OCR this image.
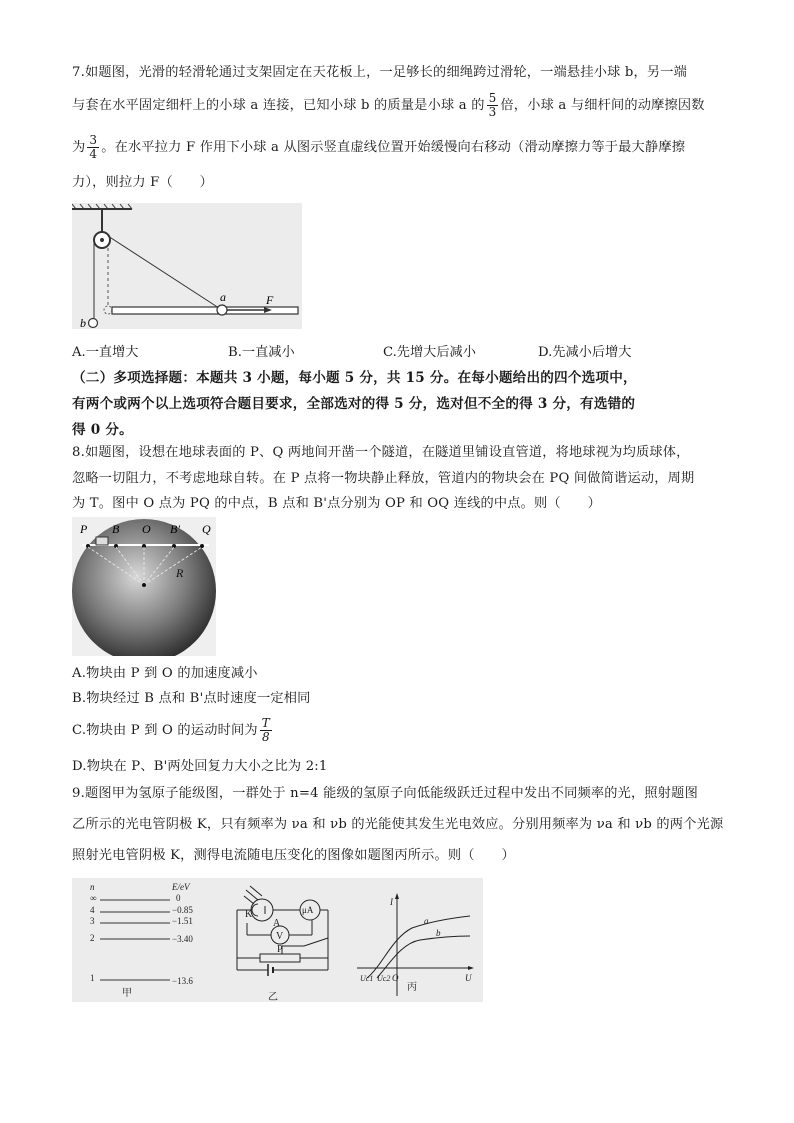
7.如题图，光滑的轻滑轮通过支架固定在天花板上，一足够长的细绳跨过滑轮，一端悬挂小球 b，另一端
与套在水平固定细杆上的小球 a 连接，已知小球 b 的质量是小球 a 的 $\frac{5}{3}$ 倍，小球 a 与细杆间的动摩擦因数
为 $\frac{3}{4}$ 。在水平拉力 F 作用下小球 a 从图示竖直虚线位置开始缓慢向右移动（滑动摩擦力等于最大静摩擦
力），则拉力 F（　　）
a
b
F
A.一直增大	B.一直减小	C.先增大后减小	D.先减小后增大
（二）多项选择题：本题共 3 小题，每小题 5 分，共 15 分。在每小题给出的四个选项中，
有两个或两个以上选项符合题目要求，全部选对的得 5 分，选对但不全的得 3 分，有选错的
得 0 分。
8.如题图，设想在地球表面的 P、Q 两地间开凿一个隧道，在隧道里铺设直管道，将地球视为均质球体，
忽略一切阻力，不考虑地球自转。在 P 点将一物块静止释放，管道内的物块会在 PQ 间做简谐运动，周期
为 T。图中 O 点为 PQ 的中点，B 点和 B'点分别为 OP 和 OQ 连线的中点。则（　　）
P B O B' Q
R
A.物块由 P 到 O 的加速度减小
B.物块经过 B 点和 B'点时速度一定相同
C.物块由 P 到 O 的运动时间为 $\frac{T}{8}$
D.物块在 P、B'两处回复力大小之比为 2:1
9.题图甲为氢原子能级图，一群处于 n=4 能级的氢原子向低能级跃迁过程中发出不同频率的光，照射题图
乙所示的光电管阴极 K，只有频率为 νa 和 νb 的光能使其发生光电效应。分别用频率为 νa 和 νb 的两个光源
照射光电管阴极 K，测得电流随电压变化的图像如题图丙所示。则（　　）
n	E/eV
∞	0
4	−0.85
3	−1.51
2	−3.40
1	−13.6
甲
K
A
V
μA
P
乙
I
U
O
a
b
Uc1 Uc2
丙
